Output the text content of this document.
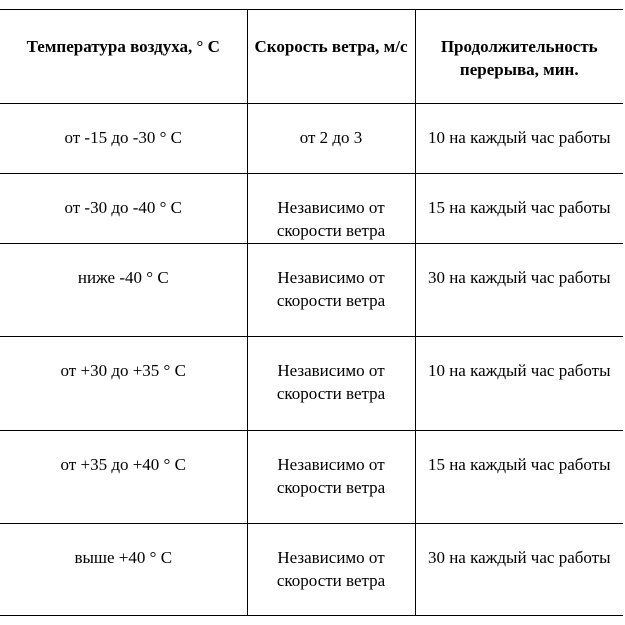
Температура воздуха, ° С	Скорость ветра, м/с	Продолжительность перерыва, мин.
от -15 до -30 ° С	от 2 до 3	10 на каждый час работы
от -30 до -40 ° С	Независимо от скорости ветра	15 на каждый час работы
ниже -40 ° С	Независимо от скорости ветра	30 на каждый час работы
от +30 до +35 ° С	Независимо от скорости ветра	10 на каждый час работы
от +35 до +40 ° С	Независимо от скорости ветра	15 на каждый час работы
выше +40 ° С	Независимо от скорости ветра	30 на каждый час работы
